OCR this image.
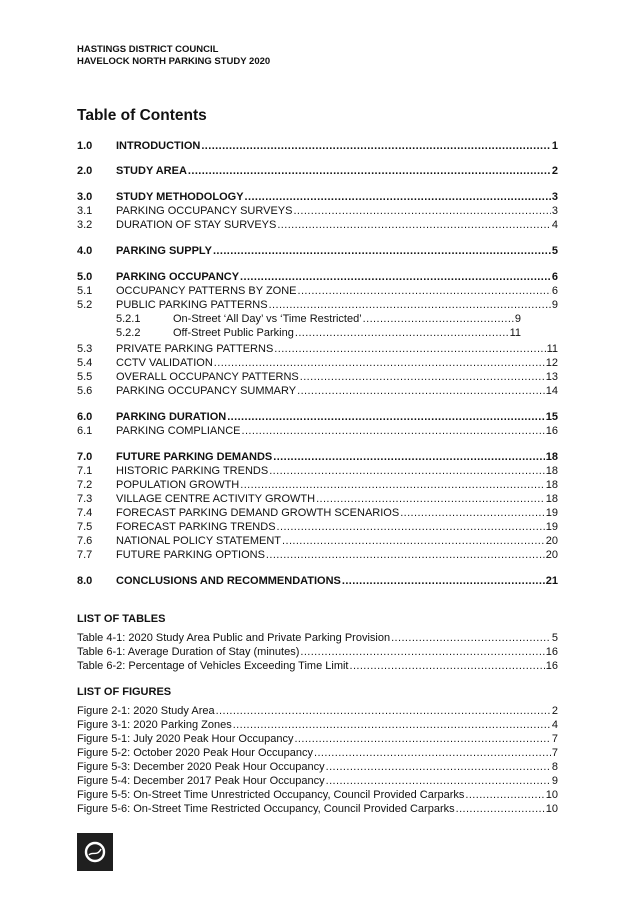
HASTINGS DISTRICT COUNCIL
HAVELOCK NORTH PARKING STUDY 2020
Table of Contents
1.0	INTRODUCTION .....	1
2.0	STUDY AREA .....	2
3.0	STUDY METHODOLOGY .....	3
3.1	PARKING OCCUPANCY SURVEYS .....	3
3.2	DURATION OF STAY SURVEYS .....	4
4.0	PARKING SUPPLY .....	5
5.0	PARKING OCCUPANCY .....	6
5.1	OCCUPANCY PATTERNS BY ZONE .....	6
5.2	PUBLIC PARKING PATTERNS .....	9
5.2.1	On-Street ‘All Day’ vs ‘Time Restricted’ .....	9
5.2.2	Off-Street Public Parking .....	11
5.3	PRIVATE PARKING PATTERNS .....	11
5.4	CCTV VALIDATION .....	12
5.5	OVERALL OCCUPANCY PATTERNS .....	13
5.6	PARKING OCCUPANCY SUMMARY .....	14
6.0	PARKING DURATION .....	15
6.1	PARKING COMPLIANCE .....	16
7.0	FUTURE PARKING DEMANDS .....	18
7.1	HISTORIC PARKING TRENDS .....	18
7.2	POPULATION GROWTH .....	18
7.3	VILLAGE CENTRE ACTIVITY GROWTH .....	18
7.4	FORECAST PARKING DEMAND GROWTH SCENARIOS .....	19
7.5	FORECAST PARKING TRENDS .....	19
7.6	NATIONAL POLICY STATEMENT .....	20
7.7	FUTURE PARKING OPTIONS .....	20
8.0	CONCLUSIONS AND RECOMMENDATIONS .....	21
LIST OF TABLES
Table 4-1: 2020 Study Area Public and Private Parking Provision .....	5
Table 6-1: Average Duration of Stay (minutes) .....	16
Table 6-2: Percentage of Vehicles Exceeding Time Limit .....	16
LIST OF FIGURES
Figure 2-1: 2020 Study Area .....	2
Figure 3-1: 2020 Parking Zones .....	4
Figure 5-1: July 2020 Peak Hour Occupancy .....	7
Figure 5-2: October 2020 Peak Hour Occupancy .....	7
Figure 5-3: December 2020 Peak Hour Occupancy .....	8
Figure 5-4: December 2017 Peak Hour Occupancy .....	9
Figure 5-5: On-Street Time Unrestricted Occupancy, Council Provided Carparks .....	10
Figure 5-6: On-Street Time Restricted Occupancy, Council Provided Carparks .....	10
